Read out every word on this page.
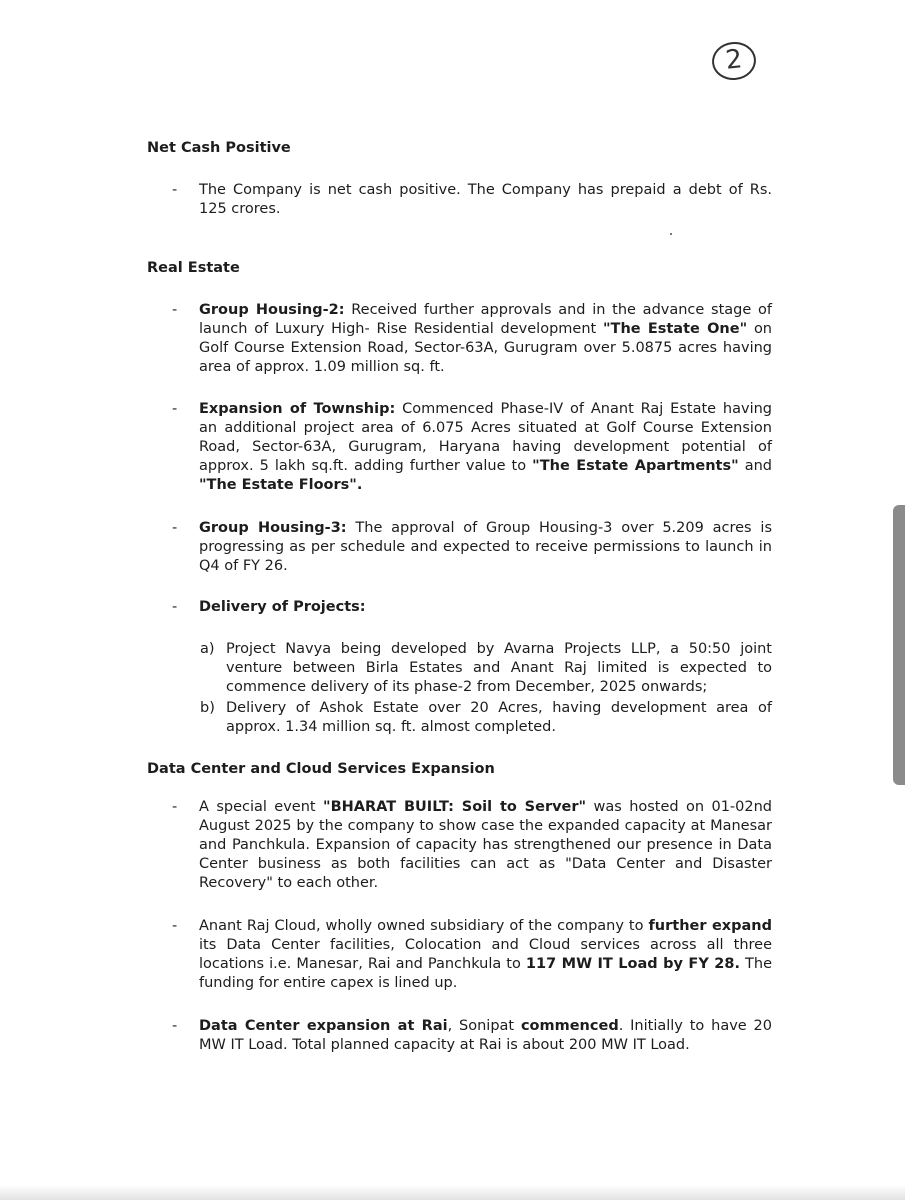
2
Net Cash Positive
-	The Company is net cash positive. The Company has prepaid a debt of Rs. 125 crores.
Real Estate
-	Group Housing-2: Received further approvals and in the advance stage of launch of Luxury High- Rise Residential development "The Estate One" on Golf Course Extension Road, Sector-63A, Gurugram over 5.0875 acres having area of approx. 1.09 million sq. ft.
-	Expansion of Township: Commenced Phase-IV of Anant Raj Estate having an additional project area of 6.075 Acres situated at Golf Course Extension Road, Sector-63A, Gurugram, Haryana having development potential of approx. 5 lakh sq.ft. adding further value to "The Estate Apartments" and "The Estate Floors".
-	Group Housing-3: The approval of Group Housing-3 over 5.209 acres is progressing as per schedule and expected to receive permissions to launch in Q4 of FY 26.
-	Delivery of Projects:
a) Project Navya being developed by Avarna Projects LLP, a 50:50 joint venture between Birla Estates and Anant Raj limited is expected to commence delivery of its phase-2 from December, 2025 onwards;
b) Delivery of Ashok Estate over 20 Acres, having development area of approx. 1.34 million sq. ft. almost completed.
Data Center and Cloud Services Expansion
-	A special event "BHARAT BUILT: Soil to Server" was hosted on 01-02nd August 2025 by the company to show case the expanded capacity at Manesar and Panchkula. Expansion of capacity has strengthened our presence in Data Center business as both facilities can act as "Data Center and Disaster Recovery" to each other.
-	Anant Raj Cloud, wholly owned subsidiary of the company to further expand its Data Center facilities, Colocation and Cloud services across all three locations i.e. Manesar, Rai and Panchkula to 117 MW IT Load by FY 28. The funding for entire capex is lined up.
-	Data Center expansion at Rai, Sonipat commenced. Initially to have 20 MW IT Load. Total planned capacity at Rai is about 200 MW IT Load.
